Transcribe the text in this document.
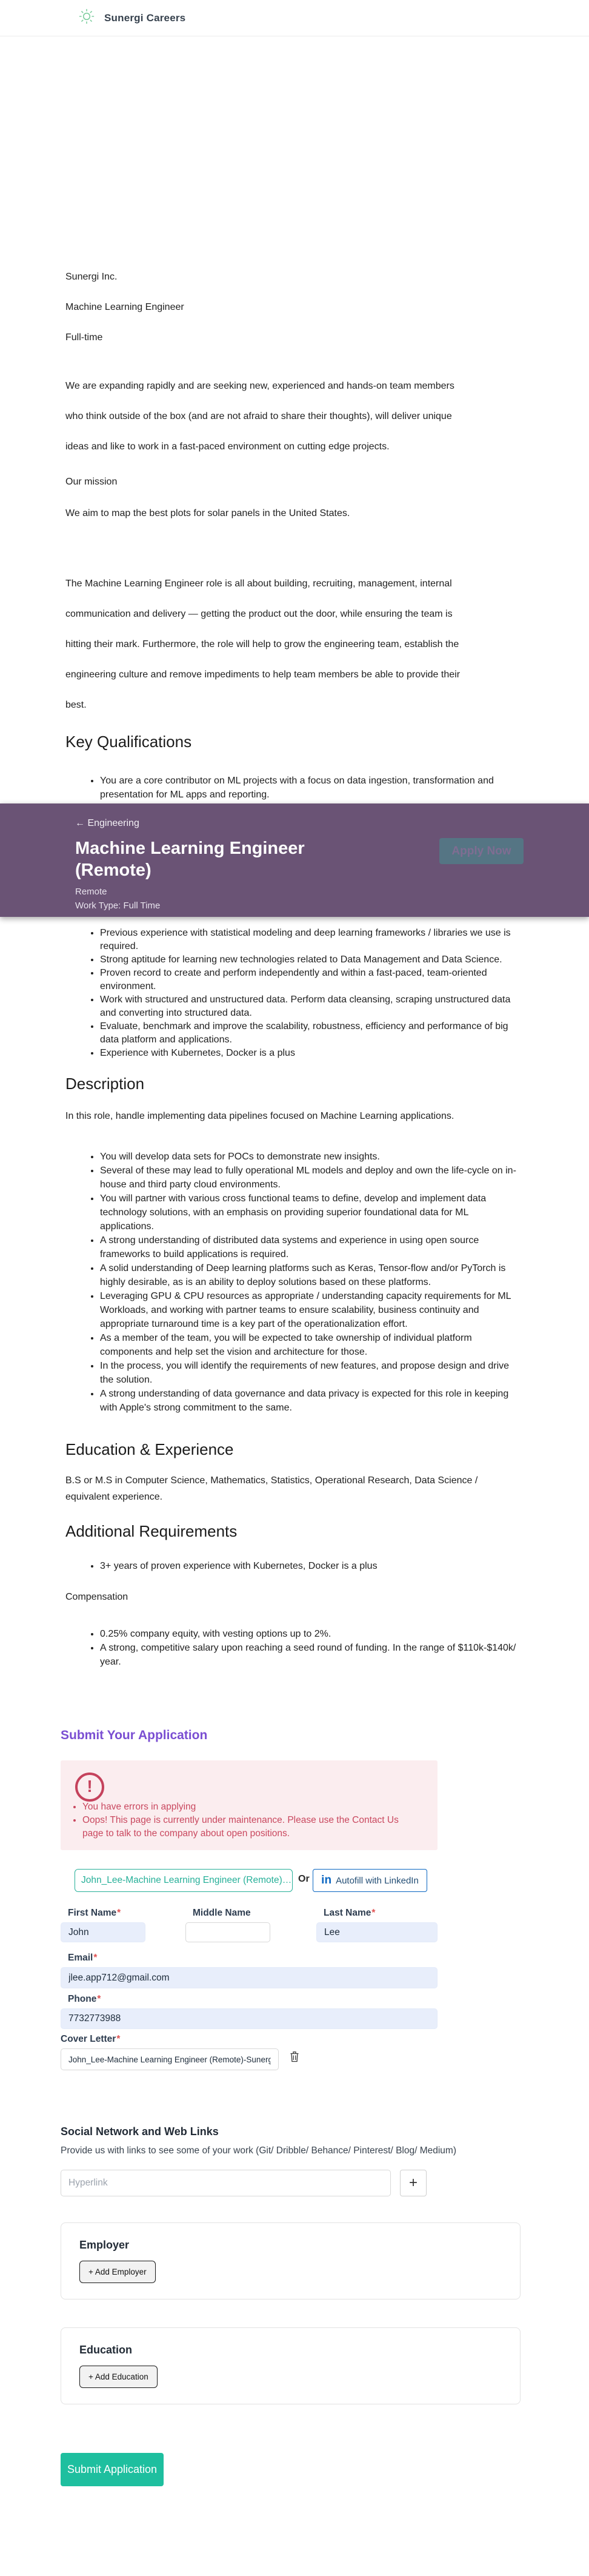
Sunergi Careers
Sunergi Inc.
Machine Learning Engineer
Full-time
We are expanding rapidly and are seeking new, experienced and hands-on team members who think outside of the box (and are not afraid to share their thoughts), will deliver unique ideas and like to work in a fast-paced environment on cutting edge projects.
Our mission
We aim to map the best plots for solar panels in the United States.
The Machine Learning Engineer role is all about building, recruiting, management, internal communication and delivery — getting the product out the door, while ensuring the team is hitting their mark. Furthermore, the role will help to grow the engineering team, establish the engineering culture and remove impediments to help team members be able to provide their best.
Key Qualifications
• You are a core contributor on ML projects with a focus on data ingestion, transformation and presentation for ML apps and reporting.
← Engineering
Machine Learning Engineer (Remote)
Remote
Work Type: Full Time
Apply Now
• Previous experience with statistical modeling and deep learning frameworks / libraries we use is required.
• Strong aptitude for learning new technologies related to Data Management and Data Science.
• Proven record to create and perform independently and within a fast-paced, team-oriented environment.
• Work with structured and unstructured data. Perform data cleansing, scraping unstructured data and converting into structured data.
• Evaluate, benchmark and improve the scalability, robustness, efficiency and performance of big data platform and applications.
• Experience with Kubernetes, Docker is a plus
Description
In this role, handle implementing data pipelines focused on Machine Learning applications.
• You will develop data sets for POCs to demonstrate new insights.
• Several of these may lead to fully operational ML models and deploy and own the life-cycle on in-house and third party cloud environments.
• You will partner with various cross functional teams to define, develop and implement data technology solutions, with an emphasis on providing superior foundational data for ML applications.
• A strong understanding of distributed data systems and experience in using open source frameworks to build applications is required.
• A solid understanding of Deep learning platforms such as Keras, Tensor-flow and/or PyTorch is highly desirable, as is an ability to deploy solutions based on these platforms.
• Leveraging GPU & CPU resources as appropriate / understanding capacity requirements for ML Workloads, and working with partner teams to ensure scalability, business continuity and appropriate turnaround time is a key part of the operationalization effort.
• As a member of the team, you will be expected to take ownership of individual platform components and help set the vision and architecture for those.
• In the process, you will identify the requirements of new features, and propose design and drive the solution.
• A strong understanding of data governance and data privacy is expected for this role in keeping with Apple's strong commitment to the same.
Education & Experience
B.S or M.S in Computer Science, Mathematics, Statistics, Operational Research, Data Science / equivalent experience.
Additional Requirements
• 3+ years of proven experience with Kubernetes, Docker is a plus
Compensation
• 0.25% company equity, with vesting options up to 2%.
• A strong, competitive salary upon reaching a seed round of funding. In the range of $110k-$140k/ year.
Submit Your Application
!
• You have errors in applying
• Oops! This page is currently under maintenance. Please use the Contact Us page to talk to the company about open positions.
John_Lee-Machine Learning Engineer (Remote)… Or in Autofill with LinkedIn
First Name*
John	Middle Name	Last Name*
Lee
Email*
jlee.app712@gmail.com
Phone*
7732773988
Cover Letter*
John_Lee-Machine Learning Engineer (Remote)-Sunergi.docx
Social Network and Web Links
Provide us with links to see some of your work (Git/ Dribble/ Behance/ Pinterest/ Blog/ Medium)
Hyperlink
+
Employer
+ Add Employer
Education
+ Add Education
Submit Application
